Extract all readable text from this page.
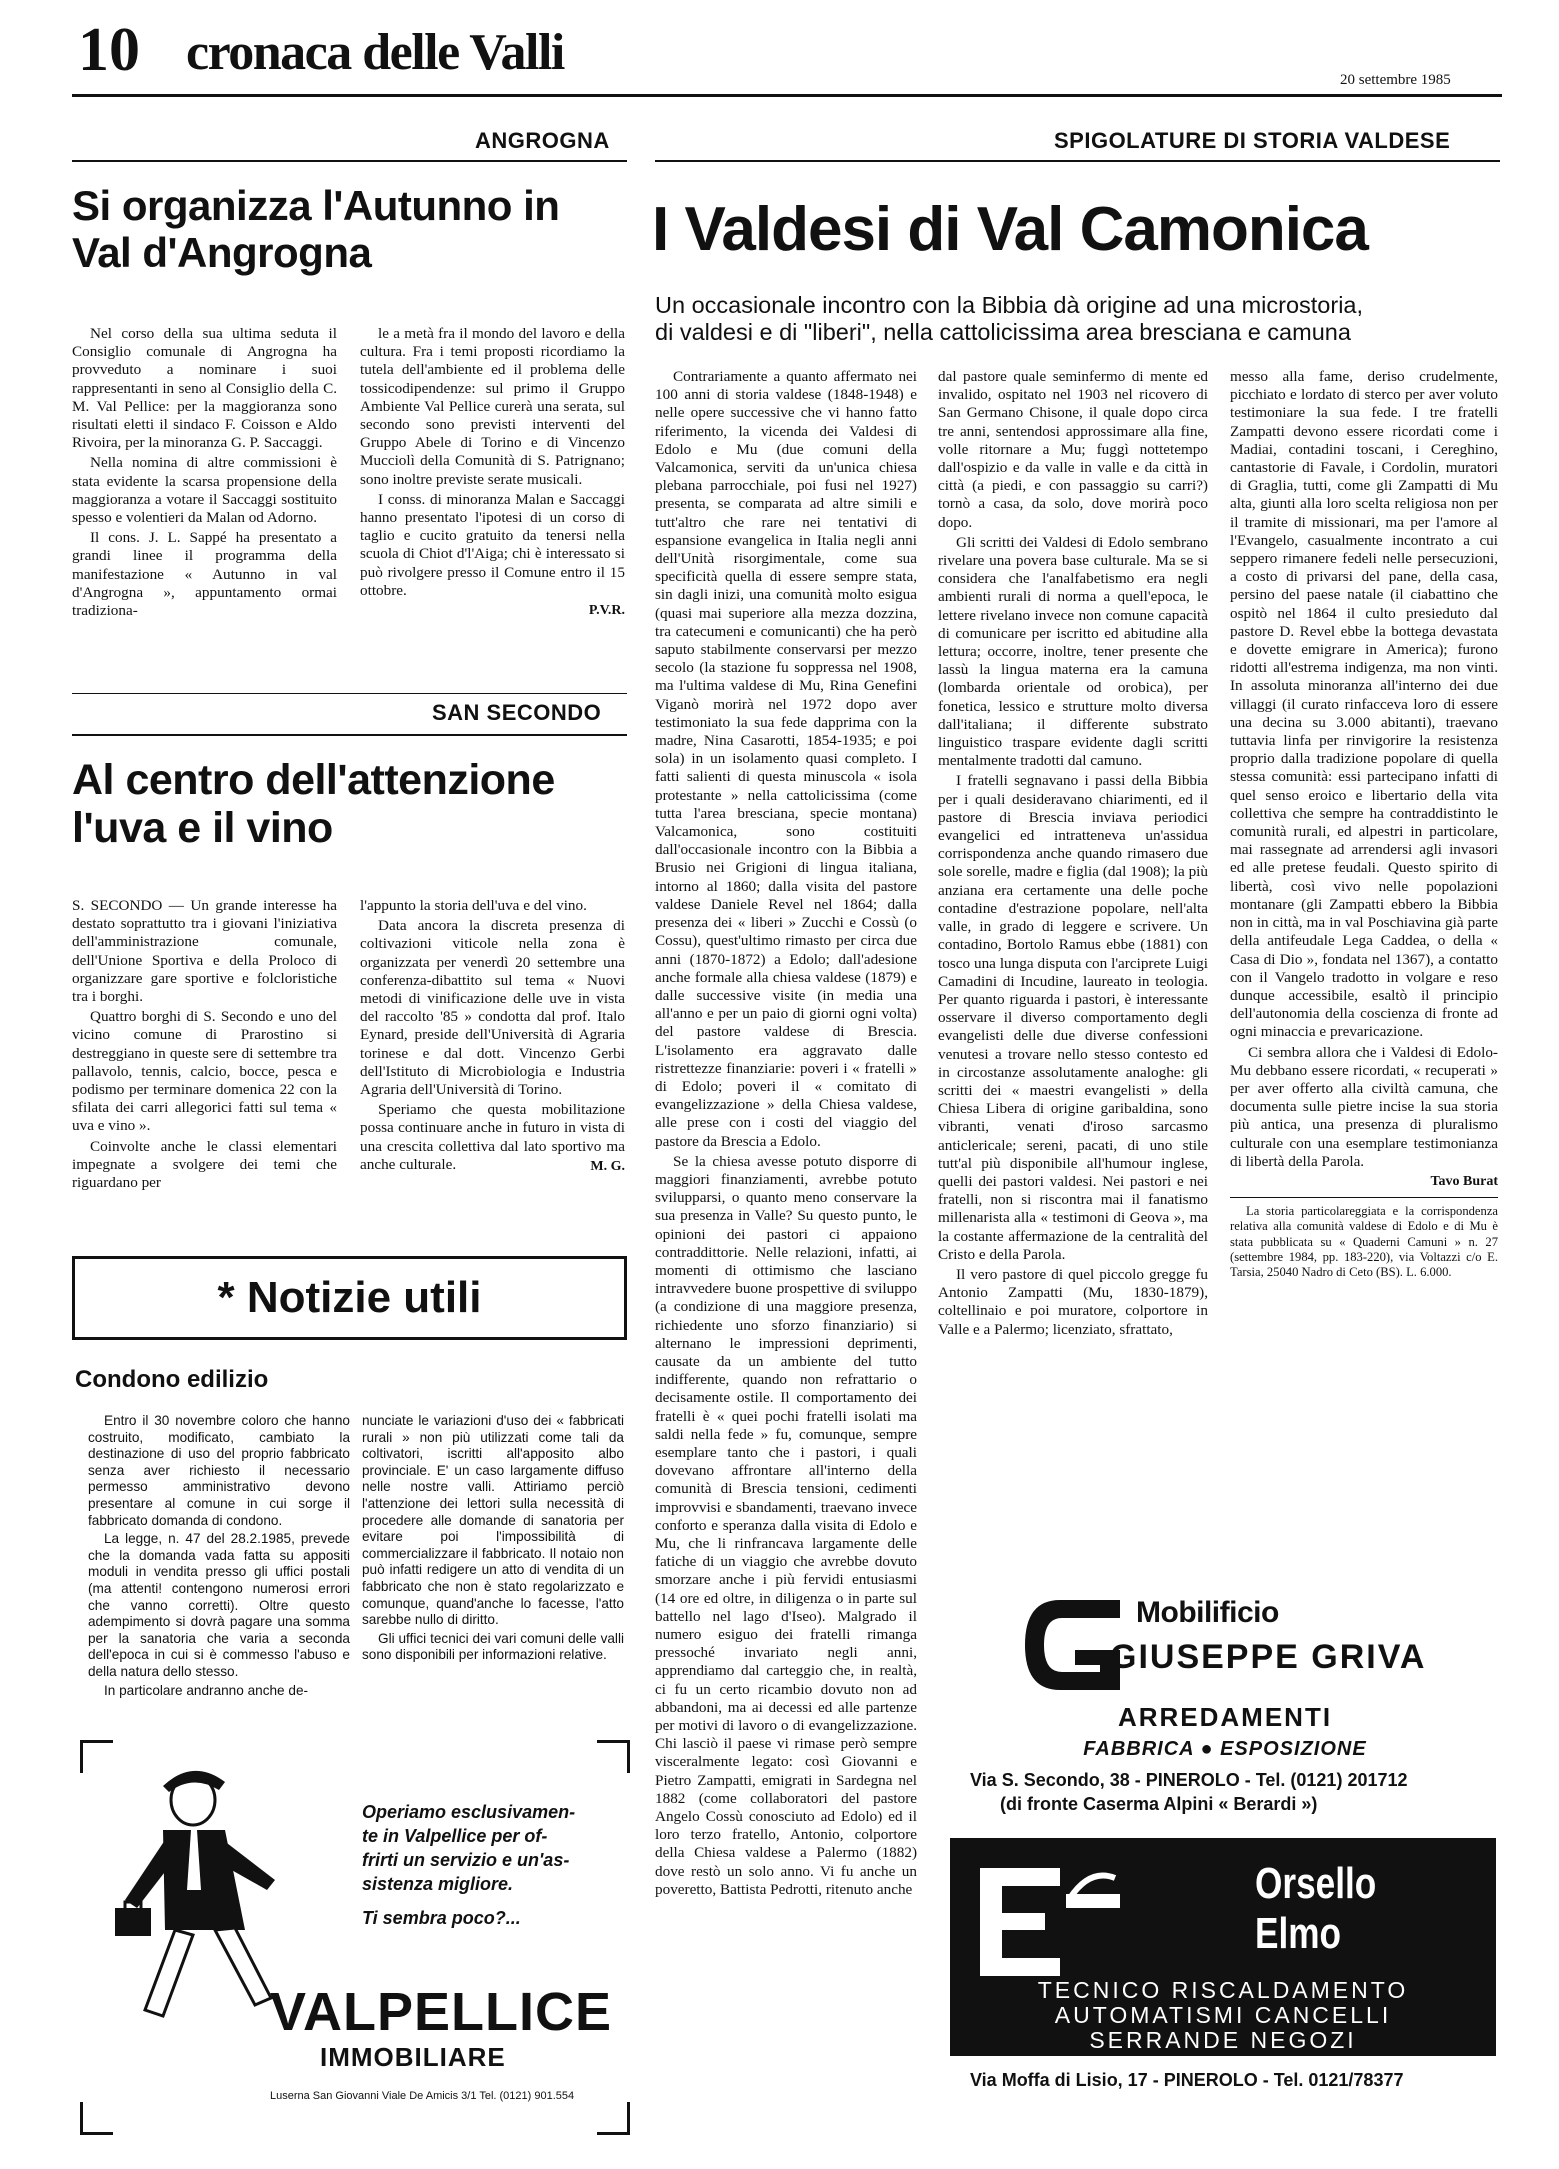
10 cronaca delle Valli	20 settembre 1985
ANGROGNA
Si organizza l'Autunno in Val d'Angrogna

Nel corso della sua ultima seduta il Consiglio comunale di Angrogna ha provveduto a nominare i suoi rappresentanti in seno al Consiglio della C. M. Val Pellice: per la maggioranza sono risultati eletti il sindaco F. Coisson e Aldo Rivoira, per la minoranza G. P. Saccaggi.

Nella nomina di altre commissioni è stata evidente la scarsa propensione della maggioranza a votare il Saccaggi sostituito spesso e volentieri da Malan od Adorno.

Il cons. J. L. Sappé ha presentato a grandi linee il programma della manifestazione « Autunno in val d'Angrogna », appuntamento ormai tradiziona-

le a metà fra il mondo del lavoro e della cultura. Fra i temi proposti ricordiamo la tutela dell'ambiente ed il problema delle tossicodipendenze: sul primo il Gruppo Ambiente Val Pellice curerà una serata, sul secondo sono previsti interventi del Gruppo Abele di Torino e di Vincenzo Mucciolì della Comunità di S. Patrignano; sono inoltre previste serate musicali.

I conss. di minoranza Malan e Saccaggi hanno presentato l'ipotesi di un corso di taglio e cucito gratuito da tenersi nella scuola di Chiot d'l'Aiga; chi è interessato si può rivolgere presso il Comune entro il 15 ottobre.

P.V.R.
SAN SECONDO
Al centro dell'attenzione l'uva e il vino

S. SECONDO — Un grande interesse ha destato soprattutto tra i giovani l'iniziativa dell'amministrazione comunale, dell'Unione Sportiva e della Proloco di organizzare gare sportive e folcloristiche tra i borghi.

Quattro borghi di S. Secondo e uno del vicino comune di Prarostino si destreggiano in queste sere di settembre tra pallavolo, tennis, calcio, bocce, pesca e podismo per terminare domenica 22 con la sfilata dei carri allegorici fatti sul tema « uva e vino ».

Coinvolte anche le classi elementari impegnate a svolgere dei temi che riguardano per

l'appunto la storia dell'uva e del vino.

Data ancora la discreta presenza di coltivazioni viticole nella zona è organizzata per venerdì 20 settembre una conferenza-dibattito sul tema « Nuovi metodi di vinificazione delle uve in vista del raccolto '85 » condotta dal prof. Italo Eynard, preside dell'Università di Agraria torinese e dal dott. Vincenzo Gerbi dell'Istituto di Microbiologia e Industria Agraria dell'Università di Torino.

Speriamo che questa mobilitazione possa continuare anche in futuro in vista di una crescita collettiva dal lato sportivo ma anche culturale.	M. G.
* Notizie utili
Condono edilizio

Entro il 30 novembre coloro che hanno costruito, modificato, cambiato la destinazione di uso del proprio fabbricato senza aver richiesto il necessario permesso amministrativo devono presentare al comune in cui sorge il fabbricato domanda di condono.

La legge, n. 47 del 28.2.1985, prevede che la domanda vada fatta su appositi moduli in vendita presso gli uffici postali (ma attenti! contengono numerosi errori che vanno corretti). Oltre questo adempimento si dovrà pagare una somma per la sanatoria che varia a seconda dell'epoca in cui si è commesso l'abuso e della natura dello stesso.

In particolare andranno anche de-

nunciate le variazioni d'uso dei « fabbricati rurali » non più utilizzati come tali da coltivatori, iscritti all'apposito albo provinciale. E' un caso largamente diffuso nelle nostre valli. Attiriamo perciò l'attenzione dei lettori sulla necessità di procedere alle domande di sanatoria per evitare poi l'impossibilità di commercializzare il fabbricato. Il notaio non può infatti redigere un atto di vendita di un fabbricato che non è stato regolarizzato e comunque, quand'anche lo facesse, l'atto sarebbe nullo di diritto.

Gli uffici tecnici dei vari comuni delle valli sono disponibili per informazioni relative.

Operiamo esclusivamen-
te in Valpellice per of-
frirti un servizio e un'as-
sistenza migliore.
Ti sembra poco?...
VALPELLICE
IMMOBILIARE
Luserna San Giovanni Viale De Amicis 3/1 Tel. (0121) 901.554
SPIGOLATURE DI STORIA VALDESE
I Valdesi di Val Camonica
Un occasionale incontro con la Bibbia dà origine ad una microstoria,
di valdesi e di "liberi", nella cattolicissima area bresciana e camuna

Contrariamente a quanto affermato nei 100 anni di storia valdese (1848-1948) e nelle opere successive che vi hanno fatto riferimento, la vicenda dei Valdesi di Edolo e Mu (due comuni della Valcamonica, serviti da un'unica chiesa plebana parrocchiale, poi fusi nel 1927) presenta, se comparata ad altre simili e tutt'altro che rare nei tentativi di espansione evangelica in Italia negli anni dell'Unità risorgimentale, come sua specificità quella di essere sempre stata, sin dagli inizi, una comunità molto esigua (quasi mai superiore alla mezza dozzina, tra catecumeni e comunicanti) che ha però saputo stabilmente conservarsi per mezzo secolo (la stazione fu soppressa nel 1908, ma l'ultima valdese di Mu, Rina Genefini Viganò morirà nel 1972 dopo aver testimoniato la sua fede dapprima con la madre, Nina Casarotti, 1854-1935; e poi sola) in un isolamento quasi completo. I fatti salienti di questa minuscola « isola protestante » nella cattolicissima (come tutta l'area bresciana, specie montana) Valcamonica, sono costituiti dall'occasionale incontro con la Bibbia a Brusio nei Grigioni di lingua italiana, intorno al 1860; dalla visita del pastore valdese Daniele Revel nel 1864; dalla presenza dei « liberi » Zucchi e Cossù (o Cossu), quest'ultimo rimasto per circa due anni (1870-1872) a Edolo; dall'adesione anche formale alla chiesa valdese (1879) e dalle successive visite (in media una all'anno e per un paio di giorni ogni volta) del pastore valdese di Brescia. L'isolamento era aggravato dalle ristrettezze finanziarie: poveri i « fratelli » di Edolo; poveri il « comitato di evangelizzazione » della Chiesa valdese, alle prese con i costi del viaggio del pastore da Brescia a Edolo.

Se la chiesa avesse potuto disporre di maggiori finanziamenti, avrebbe potuto svilupparsi, o quanto meno conservare la sua presenza in Valle? Su questo punto, le opinioni dei pastori ci appaiono contraddittorie. Nelle relazioni, infatti, ai momenti di ottimismo che lasciano intravvedere buone prospettive di sviluppo (a condizione di una maggiore presenza, richiedente uno sforzo finanziario) si alternano le impressioni deprimenti, causate da un ambiente del tutto indifferente, quando non refrattario o decisamente ostile. Il comportamento dei fratelli è « quei pochi fratelli isolati ma saldi nella fede » fu, comunque, sempre esemplare tanto che i pastori, i quali dovevano affrontare all'interno della comunità di Brescia tensioni, cedimenti improvvisi e sbandamenti, traevano invece conforto e speranza dalla visita di Edolo e Mu, che li rinfrancava largamente delle fatiche di un viaggio che avrebbe dovuto smorzare anche i più fervidi entusiasmi (14 ore ed oltre, in diligenza o in parte sul battello nel lago d'Iseo). Malgrado il numero esiguo dei fratelli rimanga pressoché invariato negli anni, apprendiamo dal carteggio che, in realtà, ci fu un certo ricambio dovuto non ad abbandoni, ma ai decessi ed alle partenze per motivi di lavoro o di evangelizzazione. Chi lasciò il paese vi rimase però sempre visceralmente legato: così Giovanni e Pietro Zampatti, emigrati in Sardegna nel 1882 (come collaboratori del pastore Angelo Cossù conosciuto ad Edolo) ed il loro terzo fratello, Antonio, colportore della Chiesa valdese a Palermo (1882) dove restò un solo anno. Vi fu anche un poveretto, Battista Pedrotti, ritenuto anche

dal pastore quale seminfermo di mente ed invalido, ospitato nel 1903 nel ricovero di San Germano Chisone, il quale dopo circa tre anni, sentendosi approssimare alla fine, volle ritornare a Mu; fuggì nottetempo dall'ospizio e da valle in valle e da città in città (a piedi, e con passaggio su carri?) tornò a casa, da solo, dove morirà poco dopo.

Gli scritti dei Valdesi di Edolo sembrano rivelare una povera base culturale. Ma se si considera che l'analfabetismo era negli ambienti rurali di norma a quell'epoca, le lettere rivelano invece non comune capacità di comunicare per iscritto ed abitudine alla lettura; occorre, inoltre, tener presente che lassù la lingua materna era la camuna (lombarda orientale od orobica), per fonetica, lessico e strutture molto diversa dall'italiana; il differente substrato linguistico traspare evidente dagli scritti mentalmente tradotti dal camuno.

I fratelli segnavano i passi della Bibbia per i quali desideravano chiarimenti, ed il pastore di Brescia inviava periodici evangelici ed intratteneva un'assidua corrispondenza anche quando rimasero due sole sorelle, madre e figlia (dal 1908); la più anziana era certamente una delle poche contadine d'estrazione popolare, nell'alta valle, in grado di leggere e scrivere. Un contadino, Bortolo Ramus ebbe (1881) con tosco una lunga disputa con l'arciprete Luigi Camadini di Incudine, laureato in teologia. Per quanto riguarda i pastori, è interessante osservare il diverso comportamento degli evangelisti delle due diverse confessioni venutesi a trovare nello stesso contesto ed in circostanze assolutamente analoghe: gli scritti dei « maestri evangelisti » della Chiesa Libera di origine garibaldina, sono vibranti, venati d'iroso sarcasmo anticlericale; sereni, pacati, di uno stile tutt'al più disponibile all'humour inglese, quelli dei pastori valdesi. Nei pastori e nei fratelli, non si riscontra mai il fanatismo millenarista alla « testimoni di Geova », ma la costante affermazione de la centralità del Cristo e della Parola.

Il vero pastore di quel piccolo gregge fu Antonio Zampatti (Mu, 1830-1879), coltellinaio e poi muratore, colportore in Valle e a Palermo; licenziato, sfrattato,

messo alla fame, deriso crudelmente, picchiato e lordato di sterco per aver voluto testimoniare la sua fede. I tre fratelli Zampatti devono essere ricordati come i Madiai, contadini toscani, i Cereghino, cantastorie di Favale, i Cordolin, muratori di Graglia, tutti, come gli Zampatti di Mu alta, giunti alla loro scelta religiosa non per il tramite di missionari, ma per l'amore al l'Evangelo, casualmente incontrato a cui seppero rimanere fedeli nelle persecuzioni, a costo di privarsi del pane, della casa, persino del paese natale (il ciabattino che ospitò nel 1864 il culto presieduto dal pastore D. Revel ebbe la bottega devastata e dovette emigrare in America); furono ridotti all'estrema indigenza, ma non vinti. In assoluta minoranza all'interno dei due villaggi (il curato rinfacceva loro di essere una decina su 3.000 abitanti), traevano tuttavia linfa per rinvigorire la resistenza proprio dalla tradizione popolare di quella stessa comunità: essi partecipano infatti di quel senso eroico e libertario della vita collettiva che sempre ha contraddistinto le comunità rurali, ed alpestri in particolare, mai rassegnate ad arrendersi agli invasori ed alle pretese feudali. Questo spirito di libertà, così vivo nelle popolazioni montanare (gli Zampatti ebbero la Bibbia non in città, ma in val Poschiavina già parte della antifeudale Lega Caddea, o della « Casa di Dio », fondata nel 1367), a contatto con il Vangelo tradotto in volgare e reso dunque accessibile, esaltò il principio dell'autonomia della coscienza di fronte ad ogni minaccia e prevaricazione.

Ci sembra allora che i Valdesi di Edolo-Mu debbano essere ricordati, « recuperati » per aver offerto alla civiltà camuna, che documenta sulle pietre incise la sua storia più antica, una presenza di pluralismo culturale con una esemplare testimonianza di libertà della Parola.

Tavo Burat
La storia particolareggiata e la corrispondenza relativa alla comunità valdese di Edolo e di Mu è stata pubblicata su « Quaderni Camuni » n. 27 (settembre 1984, pp. 183-220), via Voltazzi c/o E. Tarsia, 25040 Nadro di Ceto (BS). L. 6.000.
Mobilificio
GIUSEPPE GRIVA
ARREDAMENTI
FABBRICA ● ESPOSIZIONE
Via S. Secondo, 38 - PINEROLO - Tel. (0121) 201712
(di fronte Caserma Alpini « Berardi »)
Orsello
Elmo
TECNICO RISCALDAMENTO
AUTOMATISMI CANCELLI
SERRANDE NEGOZI
Via Moffa di Lisio, 17 - PINEROLO - Tel. 0121/78377
